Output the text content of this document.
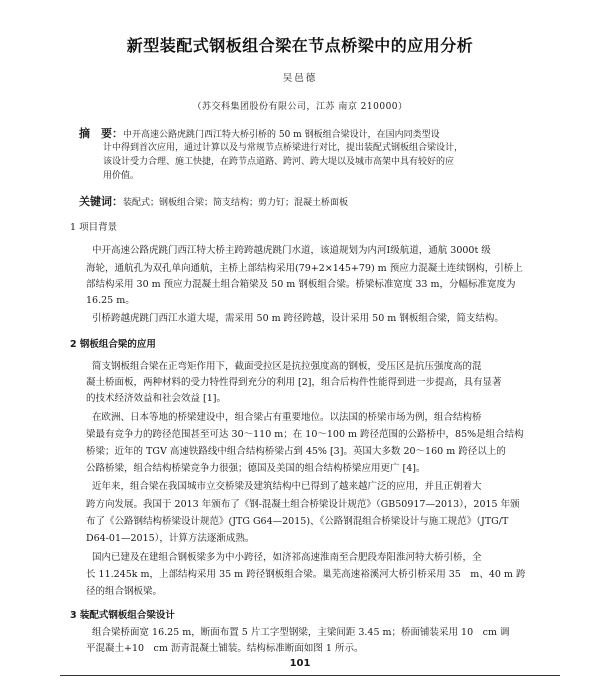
新型装配式钢板组合梁在节点桥梁中的应用分析
吴邑德
（苏交科集团股份有限公司，江苏 南京 210000）
摘　要：中开高速公路虎跳门西江特大桥引桥的 50 m 钢板组合梁设计，在国内同类型设
计中得到首次应用，通过计算以及与常规节点桥梁进行对比，提出装配式钢板组合梁设计，
该设计受力合理、施工快捷，在跨节点道路、跨河、跨大堤以及城市高架中具有较好的应
用价值。
关键词：装配式；钢板组合梁；简支结构；剪力钉；混凝土桥面板
1 项目背景
中开高速公路虎跳门西江特大桥主跨跨越虎跳门水道，该道规划为内河Ⅰ级航道，通航 3000t 级
海轮，通航孔为双孔单向通航，主桥上部结构采用(79+2×145+79) m 预应力混凝土连续钢构，引桥上
部结构采用 30 m 预应力混凝土组合箱梁及 50 m 钢板组合梁。桥梁标准宽度 33 m，分幅标准宽度为
16.25 m。
引桥跨越虎跳门西江水道大堤，需采用 50 m 跨径跨越，设计采用 50 m 钢板组合梁，简支结构。
2 钢板组合梁的应用
简支钢板组合梁在正弯矩作用下，截面受拉区是抗拉强度高的钢板，受压区是抗压强度高的混
凝土桥面板，两种材料的受力特性得到充分的利用 [2]，组合后构件性能得到进一步提高，具有显著
的技术经济效益和社会效益 [1]。
在欧洲、日本等地的桥梁建设中，组合梁占有重要地位。以法国的桥梁市场为例，组合结构桥
梁最有竞争力的跨径范围甚至可达 30～110 m；在 10～100 m 跨径范围的公路桥中，85%是组合结构
桥梁；近年的 TGV 高速铁路线中组合结构桥梁占到 45% [3]。英国大多数 20～160 m 跨径以上的
公路桥梁，组合结构桥梁竞争力很强；德国及美国的组合结构桥梁应用更广 [4]。
近年来，组合梁在我国城市立交桥梁及建筑结构中已得到了越来越广泛的应用，并且正朝着大
跨方向发展。我国于 2013 年颁布了《钢-混凝土组合桥梁设计规范》（GB50917—2013），2015 年颁
布了《公路钢结构桥梁设计规范》(JTG G64—2015)、《公路钢混组合桥梁设计与施工规范》（JTG/T
D64-01—2015），计算方法逐渐成熟。
国内已建及在建组合钢板梁多为中小跨径，如济祁高速淮南至合肥段寿阳淮河特大桥引桥，全
长 11.245k m，上部结构采用 35 m 跨径钢板组合梁。巢芜高速裕溪河大桥引桥采用 35　m、40 m 跨
径的组合钢板梁。
3 装配式钢板组合梁设计
组合梁桥面宽 16.25 m，断面布置 5 片工字型钢梁，主梁间距 3.45 m；桥面铺装采用 10　cm 调
平混凝土+10　cm 沥青混凝土铺装。结构标准断面如图 1 所示。
101
